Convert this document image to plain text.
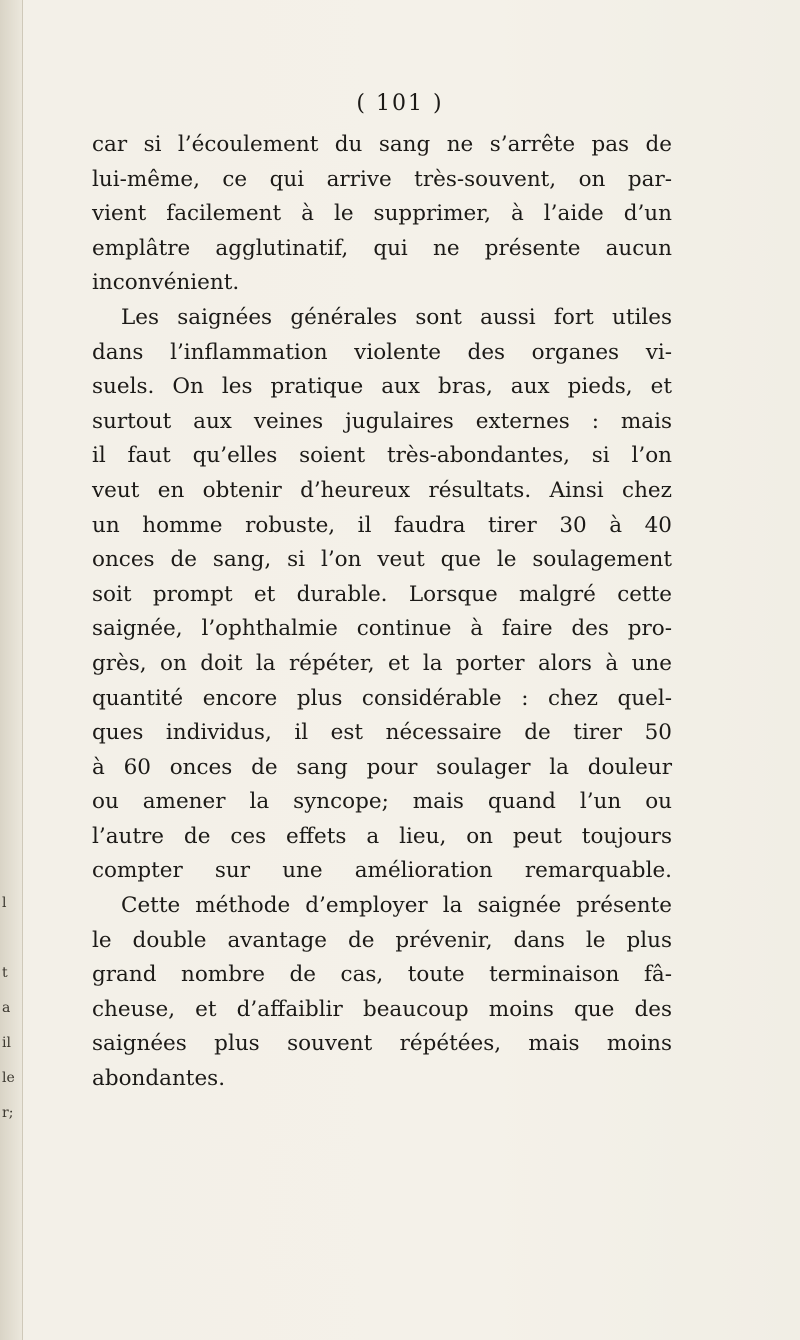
l
t
a
il
le
r;
( 101 )
car si l’écoulement du sang ne s’arrête pas de
lui-même, ce qui arrive très-souvent, on par-
vient facilement à le supprimer, à l’aide d’un
emplâtre agglutinatif, qui ne présente aucun
inconvénient.
Les saignées générales sont aussi fort utiles
dans l’inflammation violente des organes vi-
suels. On les pratique aux bras, aux pieds, et
surtout aux veines jugulaires externes : mais
il faut qu’elles soient très-abondantes, si l’on
veut en obtenir d’heureux résultats. Ainsi chez
un homme robuste, il faudra tirer 30 à 40
onces de sang, si l’on veut que le soulagement
soit prompt et durable. Lorsque malgré cette
saignée, l’ophthalmie continue à faire des pro-
grès, on doit la répéter, et la porter alors à une
quantité encore plus considérable : chez quel-
ques individus, il est nécessaire de tirer 50
à 60 onces de sang pour soulager la douleur
ou amener la syncope; mais quand l’un ou
l’autre de ces effets a lieu, on peut toujours
compter sur une amélioration remarquable.
Cette méthode d’employer la saignée présente
le double avantage de prévenir, dans le plus
grand nombre de cas, toute terminaison fâ-
cheuse, et d’affaiblir beaucoup moins que des
saignées plus souvent répétées, mais moins
abondantes.
